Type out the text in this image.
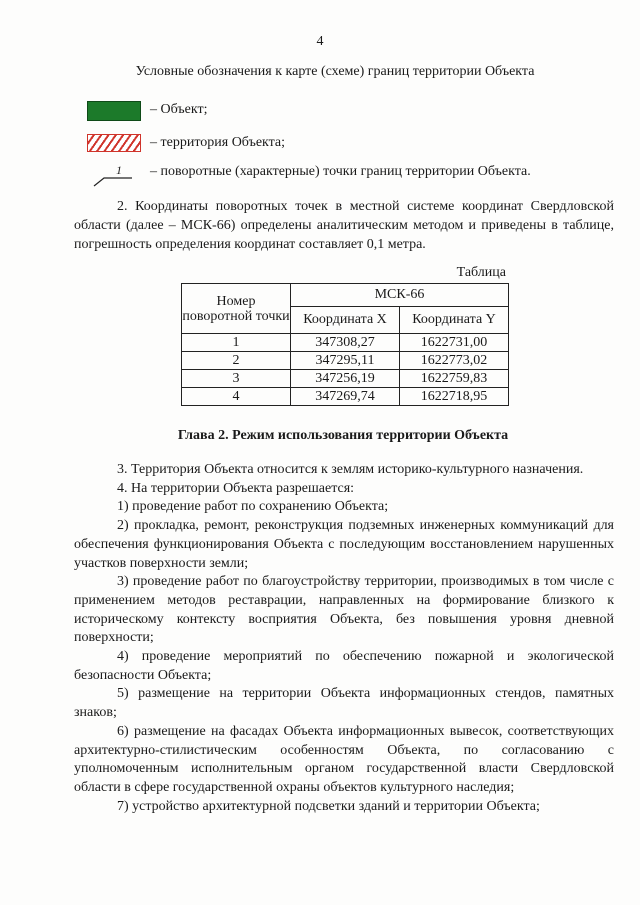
4
Условные обозначения к карте (схеме) границ территории Объекта
– Объект;
– территория Объекта;
1 – поворотные (характерные) точки границ территории Объекта.

2. Координаты поворотных точек в местной системе координат Свердловской области (далее – МСК-66) определены аналитическим методом и приведены в таблице, погрешность определения координат составляет 0,1 метра.

Таблица
Номер поворотной точки	МСК-66	
	Координата X	Координата Y
1	347308,27	1622731,00
2	347295,11	1622773,02
3	347256,19	1622759,83
4	347269,74	1622718,95
Глава 2. Режим использования территории Объекта

3. Территория Объекта относится к землям историко-культурного назначения.

4. На территории Объекта разрешается:

1) проведение работ по сохранению Объекта;

2) прокладка, ремонт, реконструкция подземных инженерных коммуникаций для обеспечения функционирования Объекта с последующим восстановлением нарушенных участков поверхности земли;

3) проведение работ по благоустройству территории, производимых в том числе с применением методов реставрации, направленных на формирование близкого к историческому контексту восприятия Объекта, без повышения уровня дневной поверхности;

4) проведение мероприятий по обеспечению пожарной и экологической безопасности Объекта;

5) размещение на территории Объекта информационных стендов, памятных знаков;

6) размещение на фасадах Объекта информационных вывесок, соответствующих архитектурно-стилистическим особенностям Объекта, по согласованию с уполномоченным исполнительным органом государственной власти Свердловской области в сфере государственной охраны объектов культурного наследия;

7) устройство архитектурной подсветки зданий и территории Объекта;
